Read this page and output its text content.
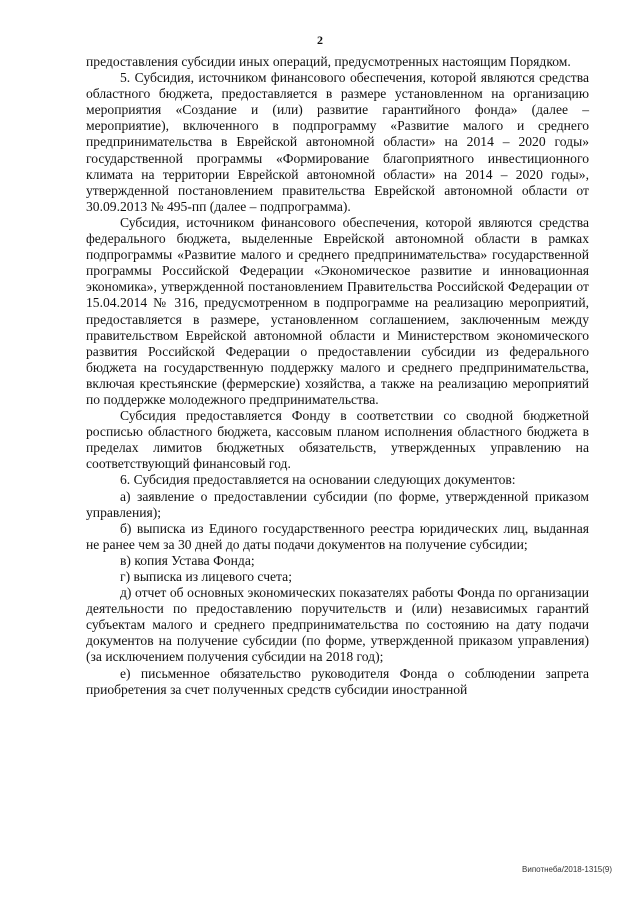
2

предоставления субсидии иных операций, предусмотренных настоящим Порядком.

5. Субсидия, источником финансового обеспечения, которой являются средства областного бюджета, предоставляется в размере установленном на организацию мероприятия «Создание и (или) развитие гарантийного фонда» (далее – мероприятие), включенного в подпрограмму «Развитие малого и среднего предпринимательства в Еврейской автономной области» на 2014 – 2020 годы» государственной программы «Формирование благоприятного инвестиционного климата на территории Еврейской автономной области» на 2014 – 2020 годы», утвержденной постановлением правительства Еврейской автономной области от 30.09.2013 № 495-пп (далее – подпрограмма).

Субсидия, источником финансового обеспечения, которой являются средства федерального бюджета, выделенные Еврейской автономной области в рамках подпрограммы «Развитие малого и среднего предпринимательства» государственной программы Российской Федерации «Экономическое развитие и инновационная экономика», утвержденной постановлением Правительства Российской Федерации от 15.04.2014 № 316, предусмотренном в подпрограмме на реализацию мероприятий, предоставляется в размере, установленном соглашением, заключенным между правительством Еврейской автономной области и Министерством экономического развития Российской Федерации о предоставлении субсидии из федерального бюджета на государственную поддержку малого и среднего предпринимательства, включая крестьянские (фермерские) хозяйства, а также на реализацию мероприятий по поддержке молодежного предпринимательства.

Субсидия предоставляется Фонду в соответствии со сводной бюджетной росписью областного бюджета, кассовым планом исполнения областного бюджета в пределах лимитов бюджетных обязательств, утвержденных управлению на соответствующий финансовый год.

6. Субсидия предоставляется на основании следующих документов:

а) заявление о предоставлении субсидии (по форме, утвержденной приказом управления);

б) выписка из Единого государственного реестра юридических лиц, выданная не ранее чем за 30 дней до даты подачи документов на получение субсидии;

в) копия Устава Фонда;

г) выписка из лицевого счета;

д) отчет об основных экономических показателях работы Фонда по организации деятельности по предоставлению поручительств и (или) независимых гарантий субъектам малого и среднего предпринимательства по состоянию на дату подачи документов на получение субсидии (по форме, утвержденной приказом управления) (за исключением получения субсидии на 2018 год);

е) письменное обязательство руководителя Фонда о соблюдении запрета приобретения за счет полученных средств субсидии иностранной

Випотнеба/2018-1315(9)
